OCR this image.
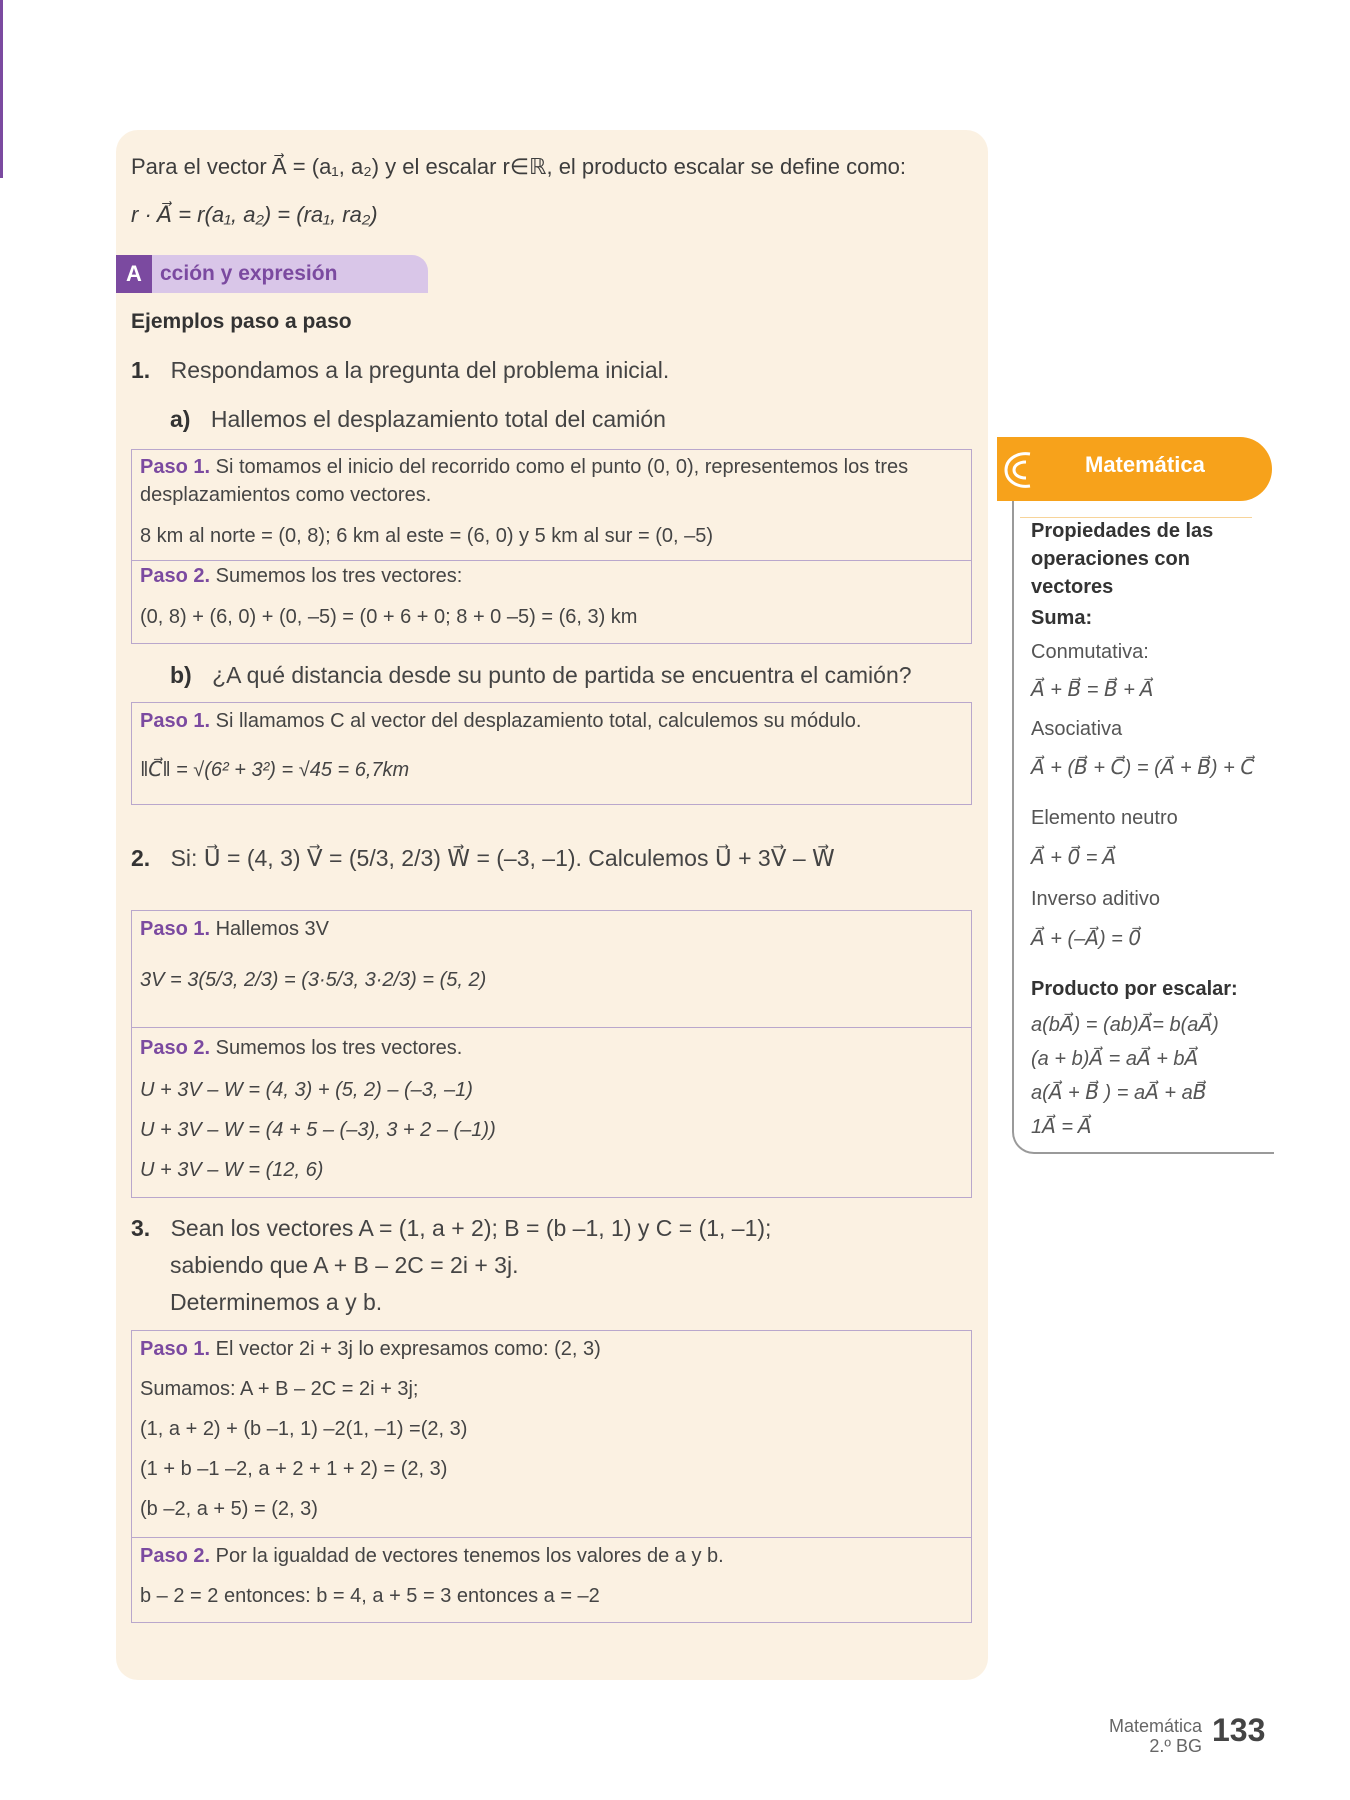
Para el vector A⃗ = (a₁, a₂) y el escalar r∈ℝ, el producto escalar se define como:
r · A⃗ = r(a₁, a₂) = (ra₁, ra₂)
A cción y expresión
Ejemplos paso a paso
1. Respondamos a la pregunta del problema inicial.
a) Hallemos el desplazamiento total del camión
Paso 1. Si tomamos el inicio del recorrido como el punto (0, 0), representemos los tres
desplazamientos como vectores.
8 km al norte = (0, 8); 6 km al este = (6, 0) y 5 km al sur = (0, –5)
Paso 2. Sumemos los tres vectores:
(0, 8) + (6, 0) + (0, –5) = (0 + 6 + 0; 8 + 0 –5) = (6, 3) km
b) ¿A qué distancia desde su punto de partida se encuentra el camión?
Paso 1. Si llamamos C al vector del desplazamiento total, calculemos su módulo.
‖C⃗‖ = √(6² + 3²) = √45 = 6,7km
2. Si: U⃗ = (4, 3) V⃗ = (5/3, 2/3) W⃗ = (–3, –1). Calculemos U⃗ + 3V⃗ – W⃗
Paso 1. Hallemos 3V
3V = 3(5/3, 2/3) = (3·5/3, 3·2/3) = (5, 2)
Paso 2. Sumemos los tres vectores.
U + 3V – W = (4, 3) + (5, 2) – (–3, –1)
U + 3V – W = (4 + 5 – (–3), 3 + 2 – (–1))
U + 3V – W = (12, 6)
3. Sean los vectores A = (1, a + 2); B = (b –1, 1) y C = (1, –1);
sabiendo que A + B – 2C = 2i + 3j.
Determinemos a y b.
Paso 1. El vector 2i + 3j lo expresamos como: (2, 3)
Sumamos: A + B – 2C = 2i + 3j;
(1, a + 2) + (b –1, 1) –2(1, –1) =(2, 3)
(1 + b –1 –2, a + 2 + 1 + 2) = (2, 3)
(b –2, a + 5) = (2, 3)
Paso 2. Por la igualdad de vectores tenemos los valores de a y b.
b – 2 = 2 entonces: b = 4, a + 5 = 3 entonces a = –2
Matemática
Propiedades de las operaciones con vectores
Suma:
Conmutativa:
A⃗ + B⃗ = B⃗ + A⃗
Asociativa
A⃗ + (B⃗ + C⃗) = (A⃗ + B⃗) + C⃗
Elemento neutro
A⃗ + 0⃗ = A⃗
Inverso aditivo
A⃗ + (–A⃗) = 0⃗
Producto por escalar:
a(bA⃗) = (ab)A⃗= b(aA⃗)
(a + b)A⃗ = aA⃗ + bA⃗
a(A⃗ + B⃗ ) = aA⃗ + aB⃗
1A⃗ = A⃗
Matemática
2.º BG 133
